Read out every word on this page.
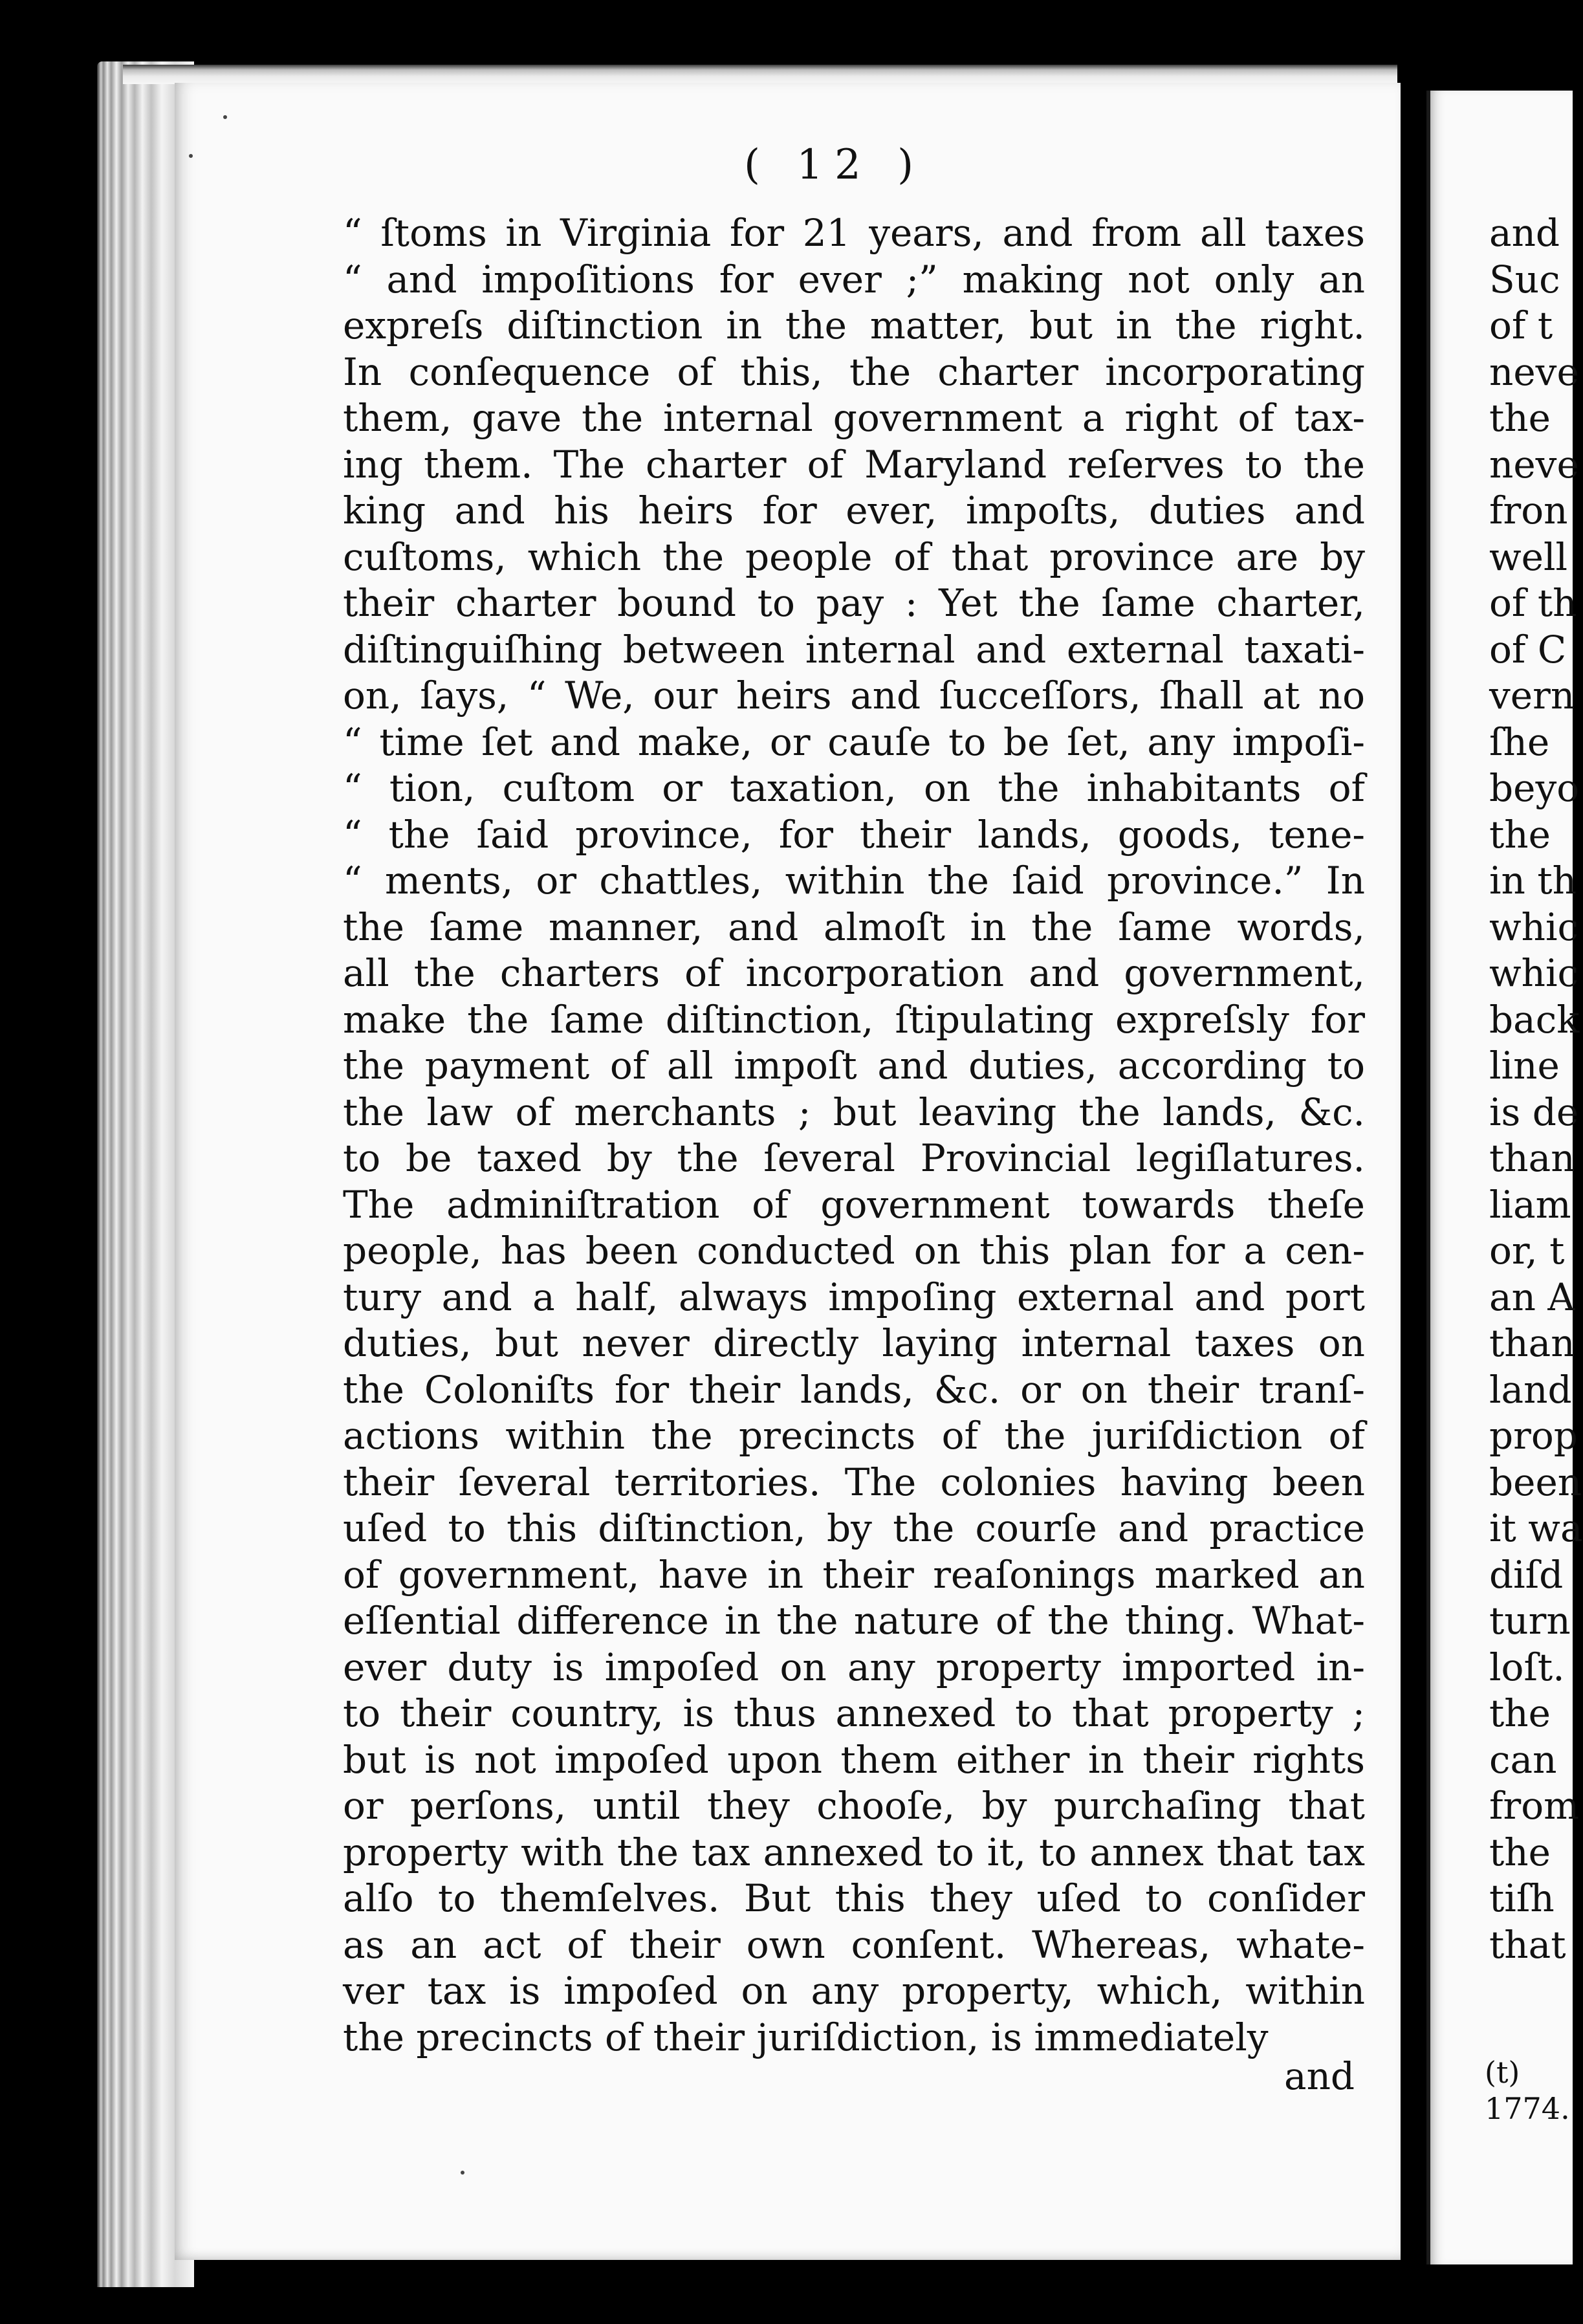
( 12 )
“ ſtoms in Virginia for 21 years, and from all taxes
“ and impoſitions for ever ;” making not only an
expreſs diſtinction in the matter, but in the right.
In conſequence of this, the charter incorporating
them, gave the internal government a right of tax-
ing them. The charter of Maryland reſerves to the
king and his heirs for ever, impoſts, duties and
cuſtoms, which the people of that province are by
their charter bound to pay : Yet the ſame charter,
diſtinguiſhing between internal and external taxati-
on, ſays, “ We, our heirs and ſucceſſors, ſhall at no
“ time ſet and make, or cauſe to be ſet, any impoſi-
“ tion, cuſtom or taxation, on the inhabitants of
“ the ſaid province, for their lands, goods, tene-
“ ments, or chattles, within the ſaid province.” In
the ſame manner, and almoſt in the ſame words,
all the charters of incorporation and government,
make the ſame diſtinction, ſtipulating expreſsly for
the payment of all impoſt and duties, according to
the law of merchants ; but leaving the lands, &c.
to be taxed by the ſeveral Provincial legiſlatures.
The adminiſtration of government towards theſe
people, has been conducted on this plan for a cen-
tury and a half, always impoſing external and port
duties, but never directly laying internal taxes on
the Coloniſts for their lands, &c. or on their tranſ-
actions within the precincts of the juriſdiction of
their ſeveral territories. The colonies having been
uſed to this diſtinction, by the courſe and practice
of government, have in their reaſonings marked an
eſſential difference in the nature of the thing. What-
ever duty is impoſed on any property imported in-
to their country, is thus annexed to that property ;
but is not impoſed upon them either in their rights
or perſons, until they chooſe, by purchaſing that
property with the tax annexed to it, to annex that tax
alſo to themſelves. But this they uſed to conſider
as an act of their own conſent. Whereas, whate-
ver tax is impoſed on any property, which, within
the precincts of their juriſdiction, is immediately
and
and
Suc
of t
neve
the
neve
fron
well
of th
of C
vern
ſhe
beyo
the
in th
whic
whic
back
line
is de
than
liam
or, t
an A
than
land
prop
been
it wa
diſd
turn
loſt.
the
can
from
the
tiſh
that
(t)
1774.
